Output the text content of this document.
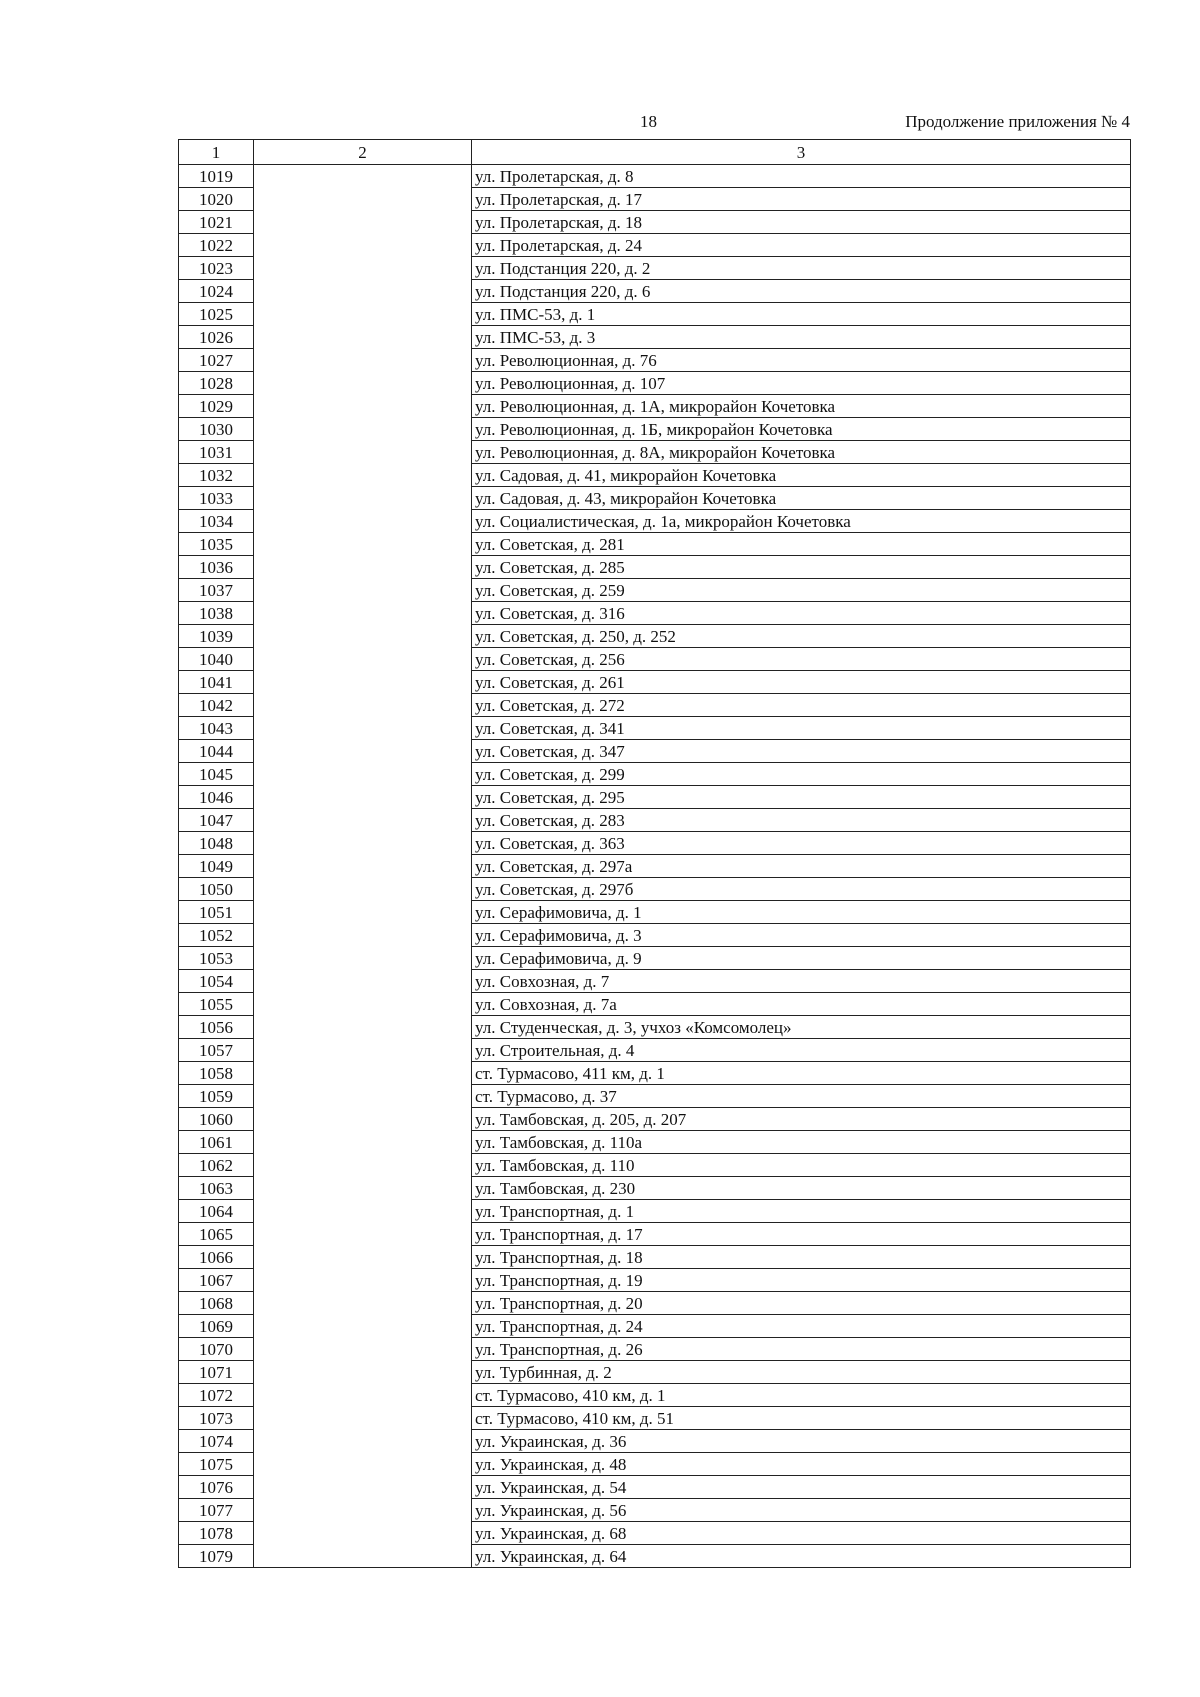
18	Продолжение приложения № 4
1	2	3
1019		ул. Пролетарская, д. 8
1020		ул. Пролетарская, д. 17
1021		ул. Пролетарская, д. 18
1022		ул. Пролетарская, д. 24
1023		ул. Подстанция 220, д. 2
1024		ул. Подстанция 220, д. 6
1025		ул. ПМС-53, д. 1
1026		ул. ПМС-53, д. 3
1027		ул. Революционная, д. 76
1028		ул. Революционная, д. 107
1029		ул. Революционная, д. 1А, микрорайон Кочетовка
1030		ул. Революционная, д. 1Б, микрорайон Кочетовка
1031		ул. Революционная, д. 8А, микрорайон Кочетовка
1032		ул. Садовая, д. 41, микрорайон Кочетовка
1033		ул. Садовая, д. 43, микрорайон Кочетовка
1034		ул. Социалистическая, д. 1а, микрорайон Кочетовка
1035		ул. Советская, д. 281
1036		ул. Советская, д. 285
1037		ул. Советская, д. 259
1038		ул. Советская, д. 316
1039		ул. Советская, д. 250, д. 252
1040		ул. Советская, д. 256
1041		ул. Советская, д. 261
1042		ул. Советская, д. 272
1043		ул. Советская, д. 341
1044		ул. Советская, д. 347
1045		ул. Советская, д. 299
1046		ул. Советская, д. 295
1047		ул. Советская, д. 283
1048		ул. Советская, д. 363
1049		ул. Советская, д. 297а
1050		ул. Советская, д. 297б
1051		ул. Серафимовича, д. 1
1052		ул. Серафимовича, д. 3
1053		ул. Серафимовича, д. 9
1054		ул. Совхозная, д. 7
1055		ул. Совхозная, д. 7а
1056		ул. Студенческая, д. 3, учхоз «Комсомолец»
1057		ул. Строительная, д. 4
1058		ст. Турмасово, 411 км, д. 1
1059		ст. Турмасово, д. 37
1060		ул. Тамбовская, д. 205, д. 207
1061		ул. Тамбовская, д. 110а
1062		ул. Тамбовская, д. 110
1063		ул. Тамбовская, д. 230
1064		ул. Транспортная, д. 1
1065		ул. Транспортная, д. 17
1066		ул. Транспортная, д. 18
1067		ул. Транспортная, д. 19
1068		ул. Транспортная, д. 20
1069		ул. Транспортная, д. 24
1070		ул. Транспортная, д. 26
1071		ул. Турбинная, д. 2
1072		ст. Турмасово, 410 км, д. 1
1073		ст. Турмасово, 410 км, д. 51
1074		ул. Украинская, д. 36
1075		ул. Украинская, д. 48
1076		ул. Украинская, д. 54
1077		ул. Украинская, д. 56
1078		ул. Украинская, д. 68
1079		ул. Украинская, д. 64
